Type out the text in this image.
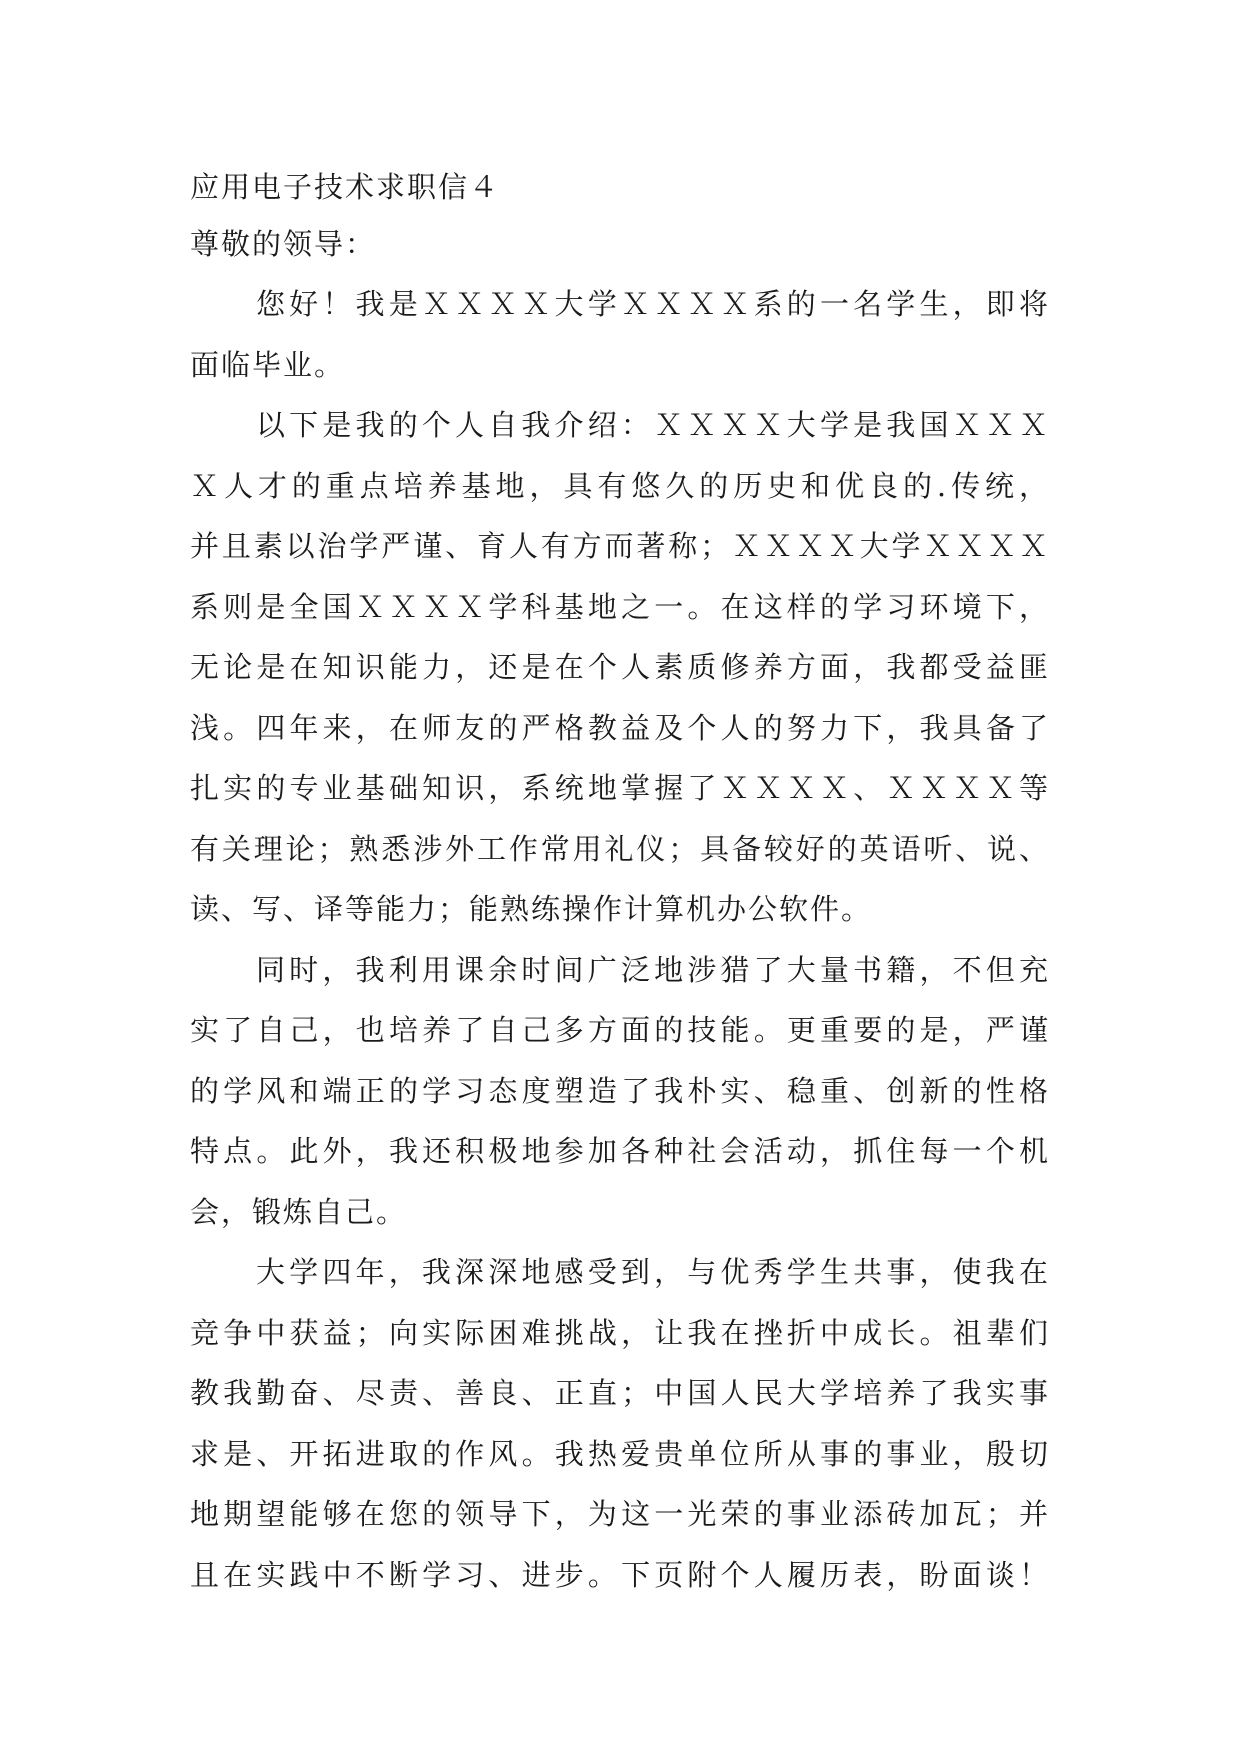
应用电子技术求职信４
尊敬的领导：
您好！我是ＸＸＸＸ大学ＸＸＸＸ系的一名学生，即将
面临毕业。
以下是我的个人自我介绍：ＸＸＸＸ大学是我国ＸＸＸ
Ｘ人才的重点培养基地，具有悠久的历史和优良的.传统，
并且素以治学严谨、育人有方而著称；ＸＸＸＸ大学ＸＸＸＸ
系则是全国ＸＸＸＸ学科基地之一。在这样的学习环境下，
无论是在知识能力，还是在个人素质修养方面，我都受益匪
浅。四年来，在师友的严格教益及个人的努力下，我具备了
扎实的专业基础知识，系统地掌握了ＸＸＸＸ、ＸＸＸＸ等
有关理论；熟悉涉外工作常用礼仪；具备较好的英语听、说、
读、写、译等能力；能熟练操作计算机办公软件。
同时，我利用课余时间广泛地涉猎了大量书籍，不但充
实了自己，也培养了自己多方面的技能。更重要的是，严谨
的学风和端正的学习态度塑造了我朴实、稳重、创新的性格
特点。此外，我还积极地参加各种社会活动，抓住每一个机
会，锻炼自己。
大学四年，我深深地感受到，与优秀学生共事，使我在
竞争中获益；向实际困难挑战，让我在挫折中成长。祖辈们
教我勤奋、尽责、善良、正直；中国人民大学培养了我实事
求是、开拓进取的作风。我热爱贵单位所从事的事业，殷切
地期望能够在您的领导下，为这一光荣的事业添砖加瓦；并
且在实践中不断学习、进步。下页附个人履历表，盼面谈！
